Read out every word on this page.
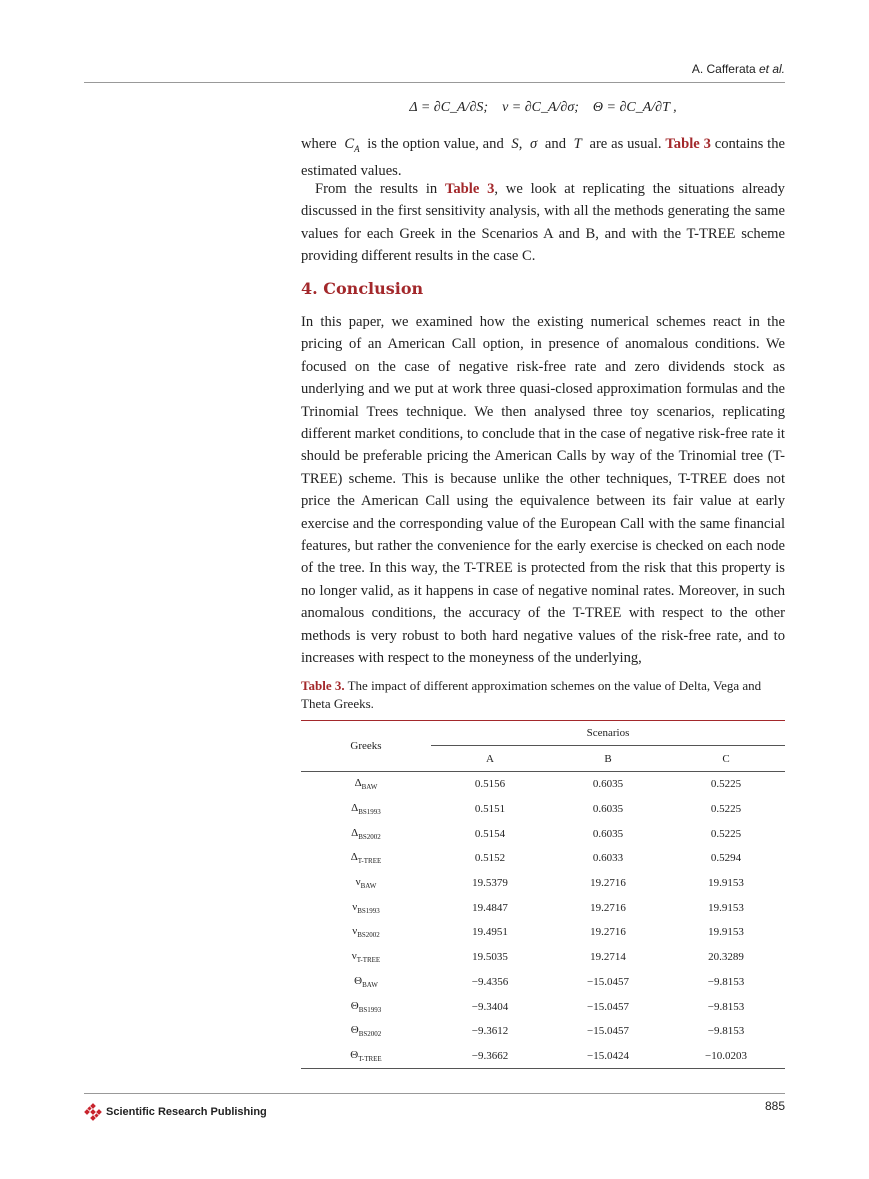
A. Cafferata et al.
Δ = ∂C_A/∂S;    ν = ∂C_A/∂σ;    Θ = ∂C_A/∂T ,
where $C_A$ is the option value, and S,  σ and T are as usual. Table 3 contains the estimated values.
From the results in Table 3, we look at replicating the situations already discussed in the first sensitivity analysis, with all the methods generating the same values for each Greek in the Scenarios A and B, and with the T-TREE scheme providing different results in the case C.
4. Conclusion
In this paper, we examined how the existing numerical schemes react in the pricing of an American Call option, in presence of anomalous conditions. We focused on the case of negative risk-free rate and zero dividends stock as underlying and we put at work three quasi-closed approximation formulas and the Trinomial Trees technique. We then analysed three toy scenarios, replicating different market conditions, to conclude that in the case of negative risk-free rate it should be preferable pricing the American Calls by way of the Trinomial tree (T-TREE) scheme. This is because unlike the other techniques, T-TREE does not price the American Call using the equivalence between its fair value at early exercise and the corresponding value of the European Call with the same financial features, but rather the convenience for the early exercise is checked on each node of the tree. In this way, the T-TREE is protected from the risk that this property is no longer valid, as it happens in case of negative nominal rates. Moreover, in such anomalous conditions, the accuracy of the T-TREE with respect to the other methods is very robust to both hard negative values of the risk-free rate, and to increases with respect to the moneyness of the underlying,
Table 3. The impact of different approximation schemes on the value of Delta, Vega and Theta Greeks.
Greeks	Scenarios		
	A	B	C
$\Delta_{BAW}$	0.5156	0.6035	0.5225
$\Delta_{BS1993}$	0.5151	0.6035	0.5225
$\Delta_{BS2002}$	0.5154	0.6035	0.5225
$\Delta_{T-TREE}$	0.5152	0.6033	0.5294
$\nu_{BAW}$	19.5379	19.2716	19.9153
$\nu_{BS1993}$	19.4847	19.2716	19.9153
$\nu_{BS2002}$	19.4951	19.2716	19.9153
$\nu_{T-TREE}$	19.5035	19.2714	20.3289
$\Theta_{BAW}$	−9.4356	−15.0457	−9.8153
$\Theta_{BS1993}$	−9.3404	−15.0457	−9.8153
$\Theta_{BS2002}$	−9.3612	−15.0457	−9.8153
$\Theta_{T-TREE}$	−9.3662	−15.0424	−10.0203
Scientific Research Publishing	885
